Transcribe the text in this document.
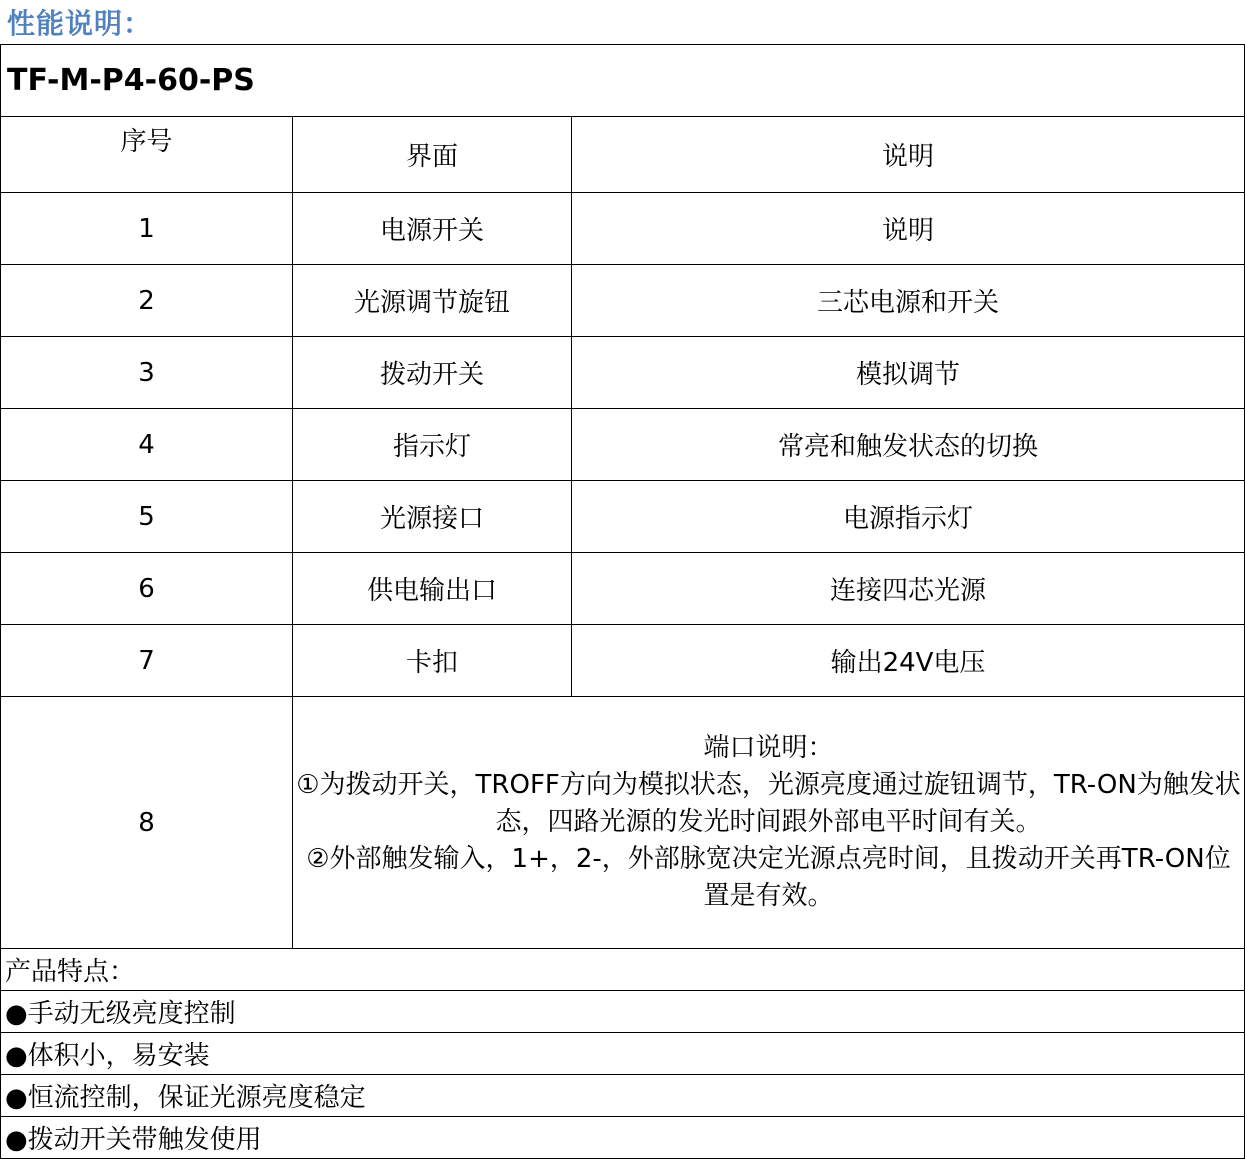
性能说明：
TF-M-P4-60-PS		
序号	界面	说明
1	电源开关	说明
2	光源调节旋钮	三芯电源和开关
3	拨动开关	模拟调节
4	指示灯	常亮和触发状态的切换
5	光源接口	电源指示灯
6	供电输出口	连接四芯光源
7	卡扣	输出24V电压
8	端口说明：
①为拨动开关，TROFF方向为模拟状态，光源亮度通过旋钮调节，TR-ON为触发状态，四路光源的发光时间跟外部电平时间有关。
②外部触发输入，1+，2-，外部脉宽决定光源点亮时间，且拨动开关再TR-ON位置是有效。	

产品特点：		
●手动无级亮度控制		
●体积小，易安装		
●恒流控制，保证光源亮度稳定		
●拨动开关带触发使用		
